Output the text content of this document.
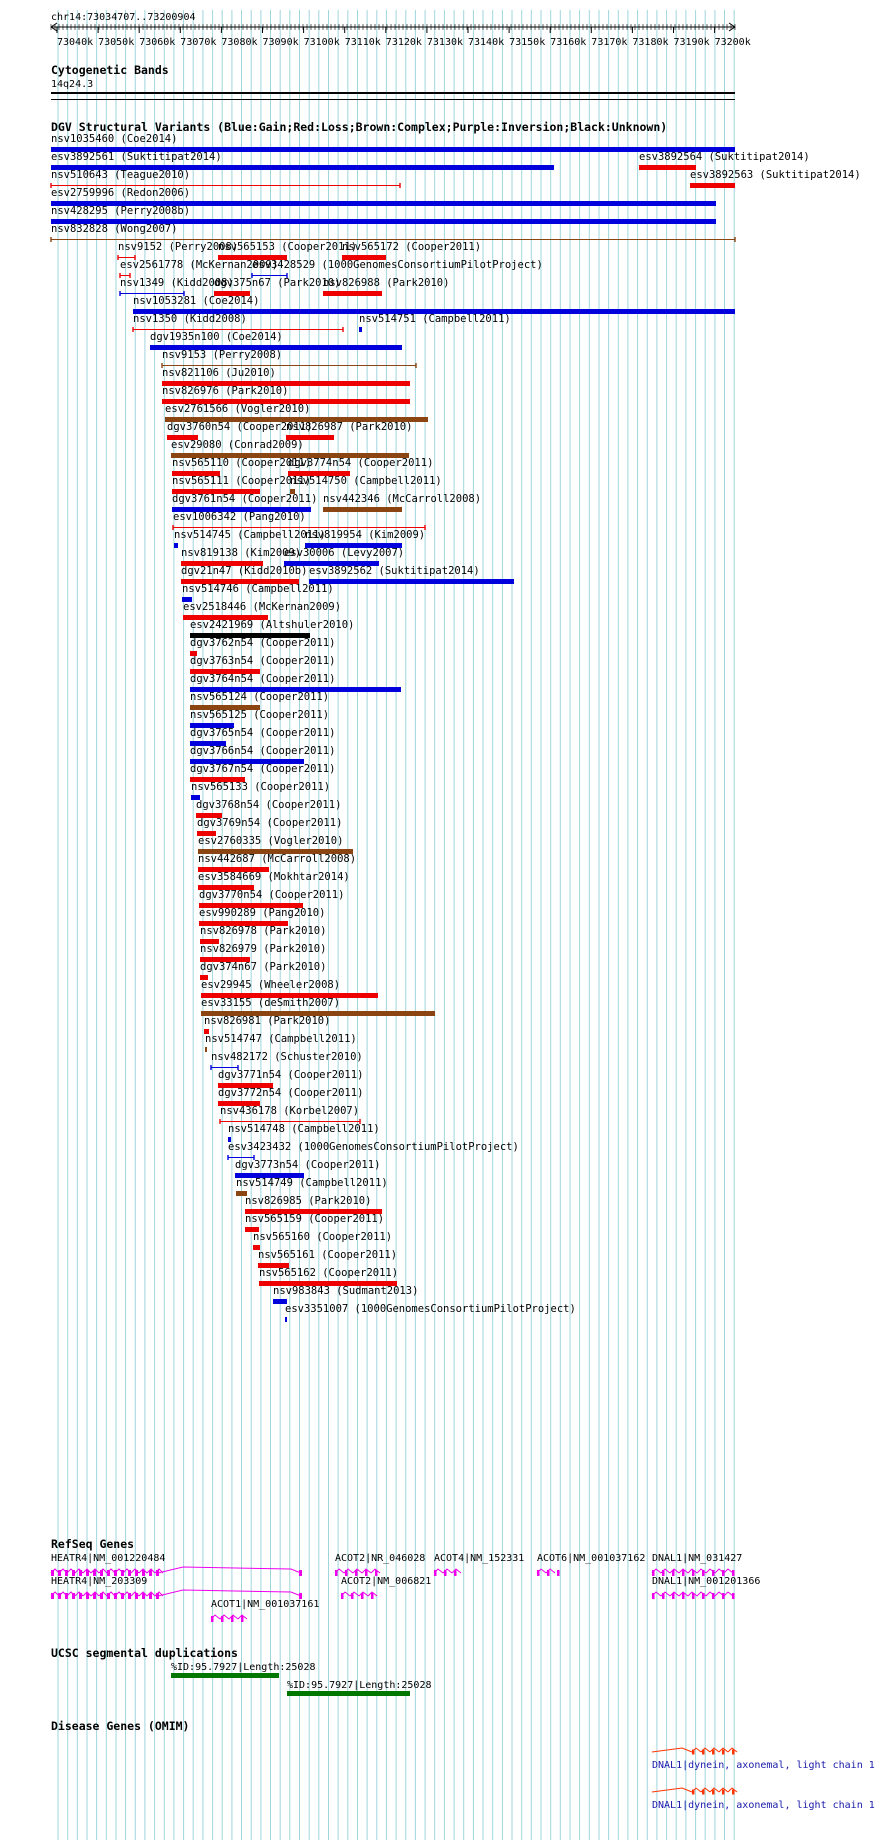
chr14:73034707..73200904
73040k 73050k 73060k 73070k 73080k 73090k 73100k 73110k 73120k 73130k 73140k 73150k 73160k 73170k 73180k 73190k 73200k
Cytogenetic Bands
14q24.3
DGV Structural Variants (Blue:Gain;Red:Loss;Brown:Complex;Purple:Inversion;Black:Unknown)
nsv1035460 (Coe2014)
esv3892561 (Suktitipat2014)	esv3892564 (Suktitipat2014)
nsv510643 (Teague2010)	esv3892563 (Suktitipat2014)
esv2759996 (Redon2006)
nsv428295 (Perry2008b)
nsv832828 (Wong2007)
nsv9152 (Perry2008)
nsv565153 (Cooper2011)
nsv565172 (Cooper2011)
esv2561778 (McKernan2009)
esv3428529 (1000GenomesConsortiumPilotProject)
nsv1349 (Kidd2008)
dgv375n67 (Park2010)
nsv826988 (Park2010)
nsv1053281 (Coe2014)
nsv1350 (Kidd2008)	nsv514751 (Campbell2011)
dgv1935n100 (Coe2014)
nsv9153 (Perry2008)
nsv821106 (Ju2010)
nsv826976 (Park2010)
esv2761566 (Vogler2010)
dgv3760n54 (Cooper2011)
nsv826987 (Park2010)
esv29080 (Conrad2009)
nsv565110 (Cooper2011)
dgv3774n54 (Cooper2011)
nsv565111 (Cooper2011)
nsv514750 (Campbell2011)
dgv3761n54 (Cooper2011) nsv442346 (McCarroll2008)
esv1006342 (Pang2010)
nsv514745 (Campbell2011)
nsv819954 (Kim2009)
nsv819138 (Kim2009)
esv30006 (Levy2007)
dgv21n47 (Kidd2010b) esv3892562 (Suktitipat2014)
nsv514746 (Campbell2011)
esv2518446 (McKernan2009)
esv2421969 (Altshuler2010)
dgv3762n54 (Cooper2011)
dgv3763n54 (Cooper2011)
dgv3764n54 (Cooper2011)
nsv565124 (Cooper2011)
nsv565125 (Cooper2011)
dgv3765n54 (Cooper2011)
dgv3766n54 (Cooper2011)
dgv3767n54 (Cooper2011)
nsv565133 (Cooper2011)
dgv3768n54 (Cooper2011)
dgv3769n54 (Cooper2011)
esv2760335 (Vogler2010)
nsv442687 (McCarroll2008)
esv3584669 (Mokhtar2014)
dgv3770n54 (Cooper2011)
esv990289 (Pang2010)
nsv826978 (Park2010)
nsv826979 (Park2010)
dgv374n67 (Park2010)
esv29945 (Wheeler2008)
esv33155 (deSmith2007)
nsv826981 (Park2010)
nsv514747 (Campbell2011)
nsv482172 (Schuster2010)
dgv3771n54 (Cooper2011)
dgv3772n54 (Cooper2011)
nsv436178 (Korbel2007)
nsv514748 (Campbell2011)
esv3423432 (1000GenomesConsortiumPilotProject)
dgv3773n54 (Cooper2011)
nsv514749 (Campbell2011)
nsv826985 (Park2010)
nsv565159 (Cooper2011)
nsv565160 (Cooper2011)
nsv565161 (Cooper2011)
nsv565162 (Cooper2011)
nsv983843 (Sudmant2013)
esv3351007 (1000GenomesConsortiumPilotProject)
RefSeq Genes
HEATR4|NM_001220484	ACOT2|NR_046028 ACOT4|NM_152331 ACOT6|NM_001037162 DNAL1|NM_031427
HEATR4|NM_203309	ACOT2|NM_006821	DNAL1|NM_001201366
ACOT1|NM_001037161
UCSC segmental duplications
%ID:95.7927|Length:25028
%ID:95.7927|Length:25028
Disease Genes (OMIM)
DNAL1|dynein, axonemal, light chain 1
DNAL1|dynein, axonemal, light chain 1
